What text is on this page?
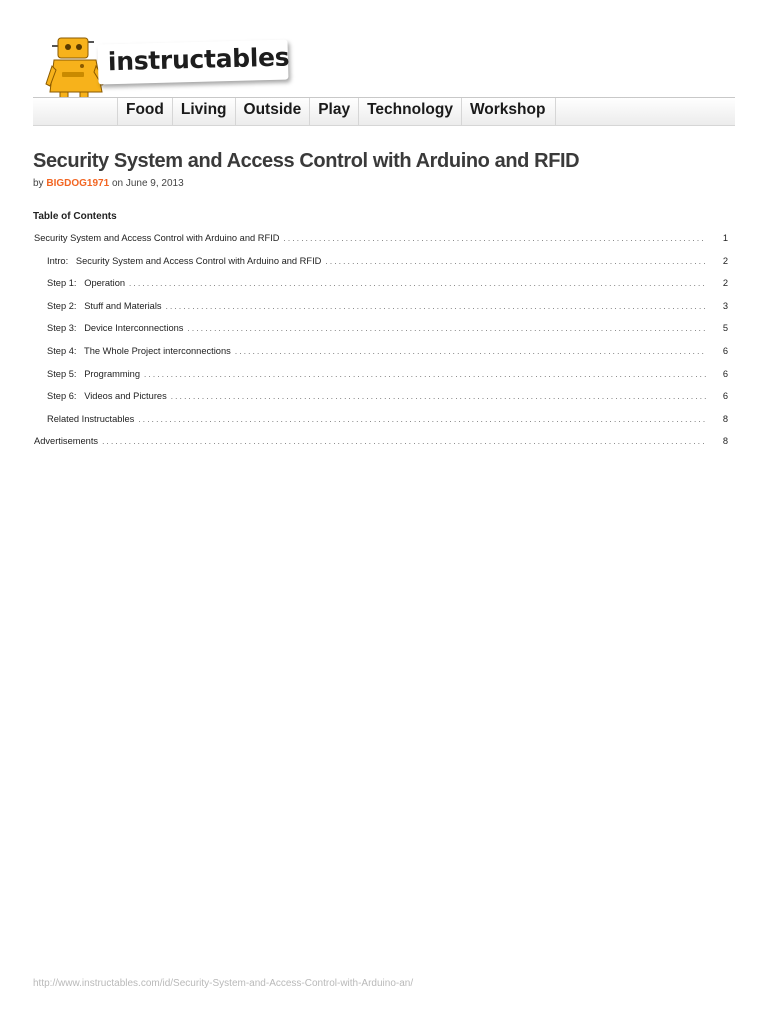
instructables
Food	Living	Outside	Play	Technology	Workshop
Security System and Access Control with Arduino and RFID
by BIGDOG1971 on June 9, 2013
Table of Contents
Security System and Access Control with Arduino and RFID . . .	1
Intro:   Security System and Access Control with Arduino and RFID . . .	2
Step 1:   Operation . . .	2
Step 2:   Stuff and Materials . . .	3
Step 3:   Device Interconnections . . .	5
Step 4:   The Whole Project interconnections . . .	6
Step 5:   Programming . . .	6
Step 6:   Videos and Pictures . . .	6
Related Instructables . . .	8
Advertisements . . .	8
http://www.instructables.com/id/Security-System-and-Access-Control-with-Arduino-an/
